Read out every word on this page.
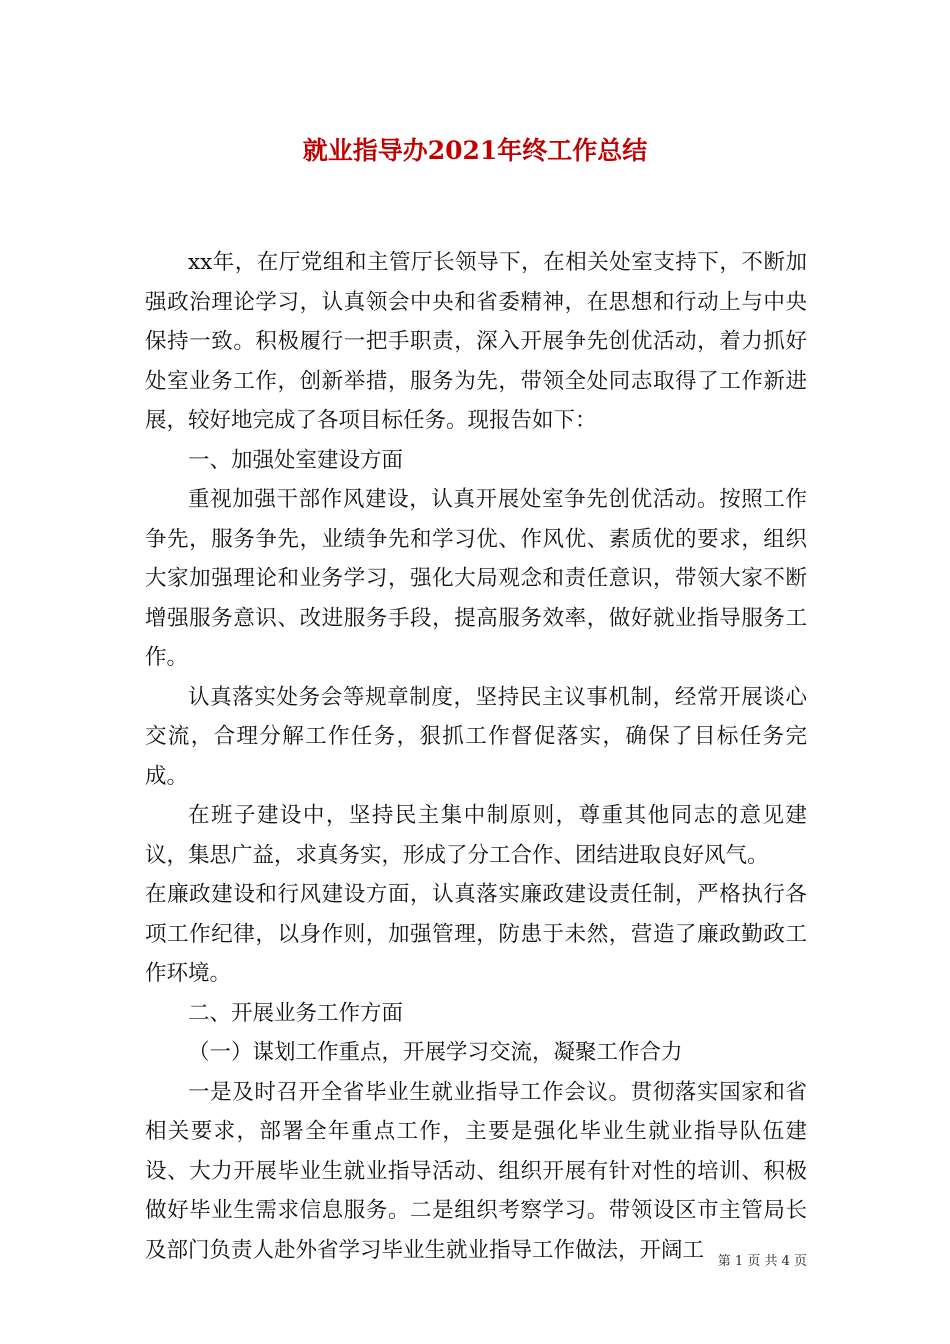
就业指导办2021年终工作总结

xx年，在厅党组和主管厅长领导下，在相关处室支持下，不断加强政治理论学习，认真领会中央和省委精神，在思想和行动上与中央保持一致。积极履行一把手职责，深入开展争先创优活动，着力抓好处室业务工作，创新举措，服务为先，带领全处同志取得了工作新进展，较好地完成了各项目标任务。现报告如下：

一、加强处室建设方面

重视加强干部作风建设，认真开展处室争先创优活动。按照工作争先，服务争先，业绩争先和学习优、作风优、素质优的要求，组织大家加强理论和业务学习，强化大局观念和责任意识，带领大家不断增强服务意识、改进服务手段，提高服务效率，做好就业指导服务工作。

认真落实处务会等规章制度，坚持民主议事机制，经常开展谈心交流，合理分解工作任务，狠抓工作督促落实，确保了目标任务完成。

在班子建设中，坚持民主集中制原则，尊重其他同志的意见建议，集思广益，求真务实，形成了分工合作、团结进取良好风气。

在廉政建设和行风建设方面，认真落实廉政建设责任制，严格执行各项工作纪律，以身作则，加强管理，防患于未然，营造了廉政勤政工作环境。

二、开展业务工作方面

（一）谋划工作重点，开展学习交流，凝聚工作合力

一是及时召开全省毕业生就业指导工作会议。贯彻落实国家和省相关要求，部署全年重点工作，主要是强化毕业生就业指导队伍建设、大力开展毕业生就业指导活动、组织开展有针对性的培训、积极做好毕业生需求信息服务。二是组织考察学习。带领设区市主管局长及部门负责人赴外省学习毕业生就业指导工作做法，开阔工	第 1 页 共 4 页
